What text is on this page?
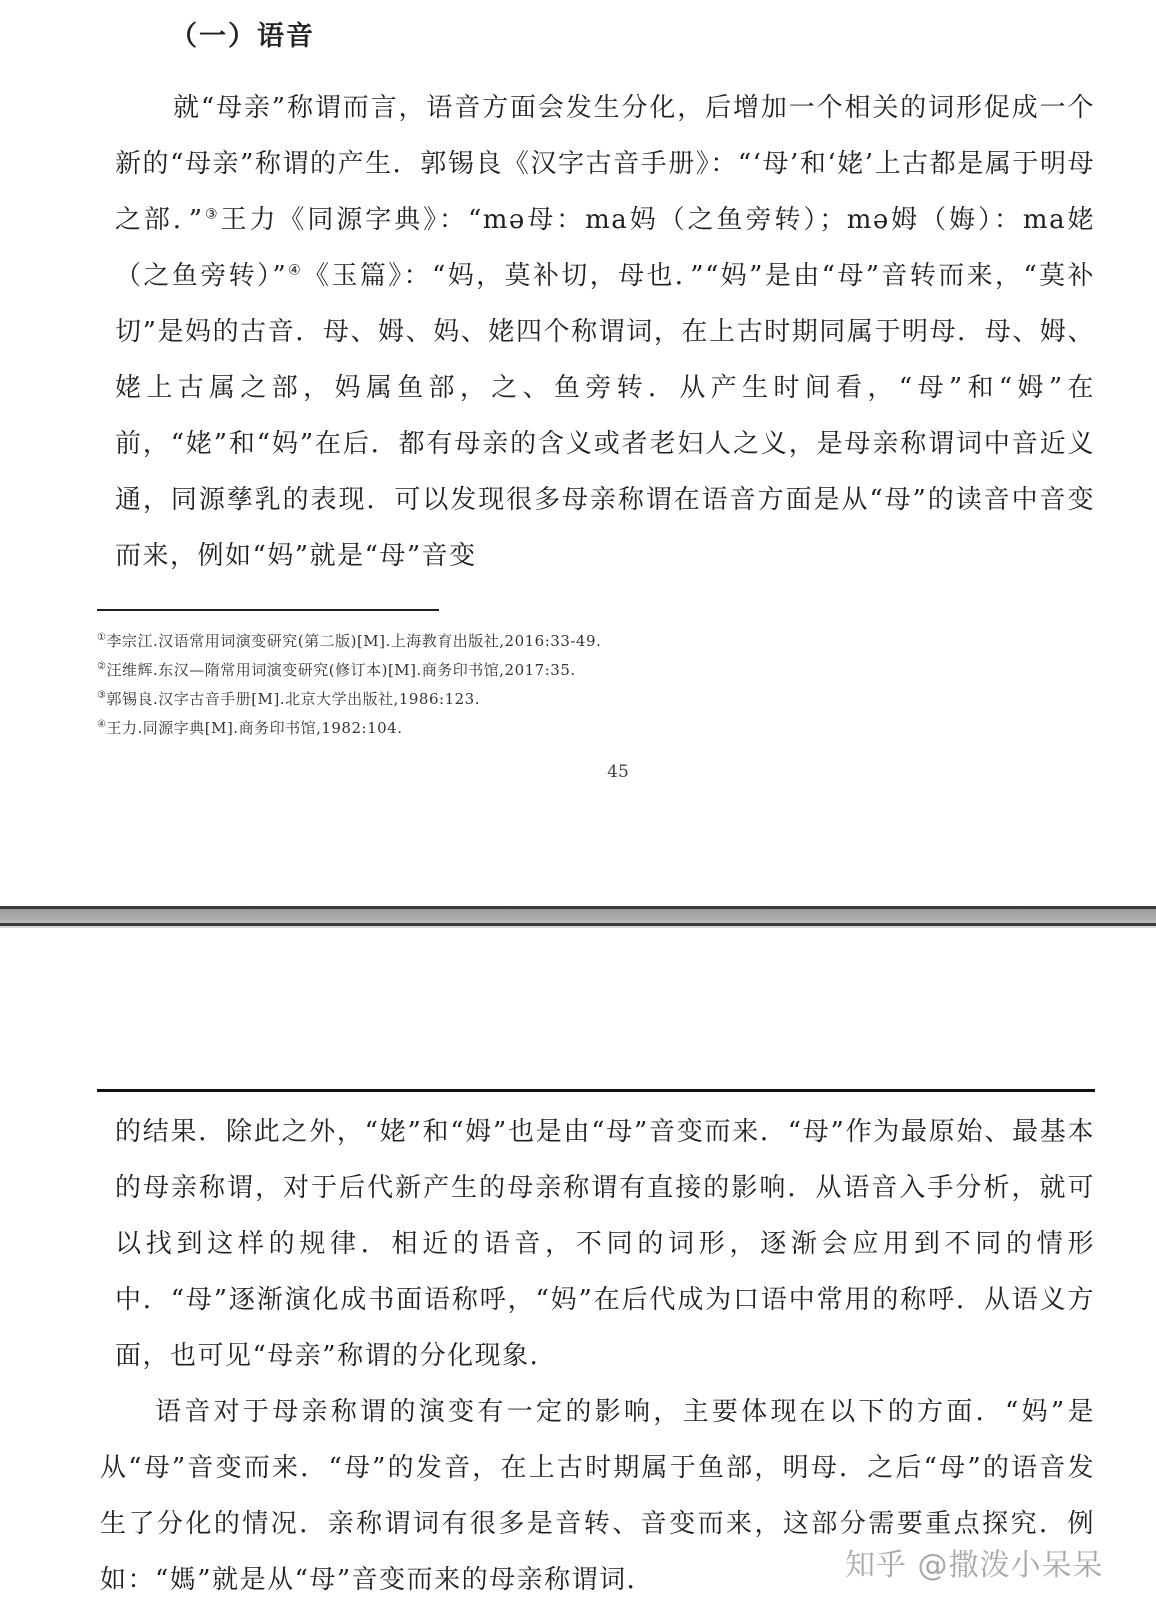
（一）语音

就“母亲”称谓而言，语音方面会发生分化，后增加一个相关的词形促成一个新的“母亲”称谓的产生．郭锡良《汉字古音手册》：“‘母’和‘姥’上古都是属于明母之部．”③王力《同源字典》：“mə母：ma妈（之鱼旁转）；mə姆（娒）：ma姥（之鱼旁转）”④《玉篇》：“妈，莫补切，母也．”“妈”是由“母”音转而来，“莫补切”是妈的古音．母、姆、妈、姥四个称谓词，在上古时期同属于明母．母、姆、姥上古属之部，妈属鱼部，之、鱼旁转．从产生时间看，“母”和“姆”在前，“姥”和“妈”在后．都有母亲的含义或者老妇人之义，是母亲称谓词中音近义通，同源孳乳的表现．可以发现很多母亲称谓在语音方面是从“母”的读音中音变而来，例如“妈”就是“母”音变

①李宗江.汉语常用词演变研究(第二版)[M].上海教育出版社,2016:33-49.
②汪维辉.东汉—隋常用词演变研究(修订本)[M].商务印书馆,2017:35.
③郭锡良.汉字古音手册[M].北京大学出版社,1986:123.
④王力.同源字典[M].商务印书馆,1982:104.
45

的结果．除此之外，“姥”和“姆”也是由“母”音变而来．“母”作为最原始、最基本的母亲称谓，对于后代新产生的母亲称谓有直接的影响．从语音入手分析，就可以找到这样的规律．相近的语音，不同的词形，逐渐会应用到不同的情形中．“母”逐渐演化成书面语称呼，“妈”在后代成为口语中常用的称呼．从语义方面，也可见“母亲”称谓的分化现象．

语音对于母亲称谓的演变有一定的影响，主要体现在以下的方面．“妈”是从“母”音变而来．“母”的发音，在上古时期属于鱼部，明母．之后“母”的语音发生了分化的情况．亲称谓词有很多是音转、音变而来，这部分需要重点探究．例如：“媽”就是从“母”音变而来的母亲称谓词．	知乎 @撒泼小呆呆
